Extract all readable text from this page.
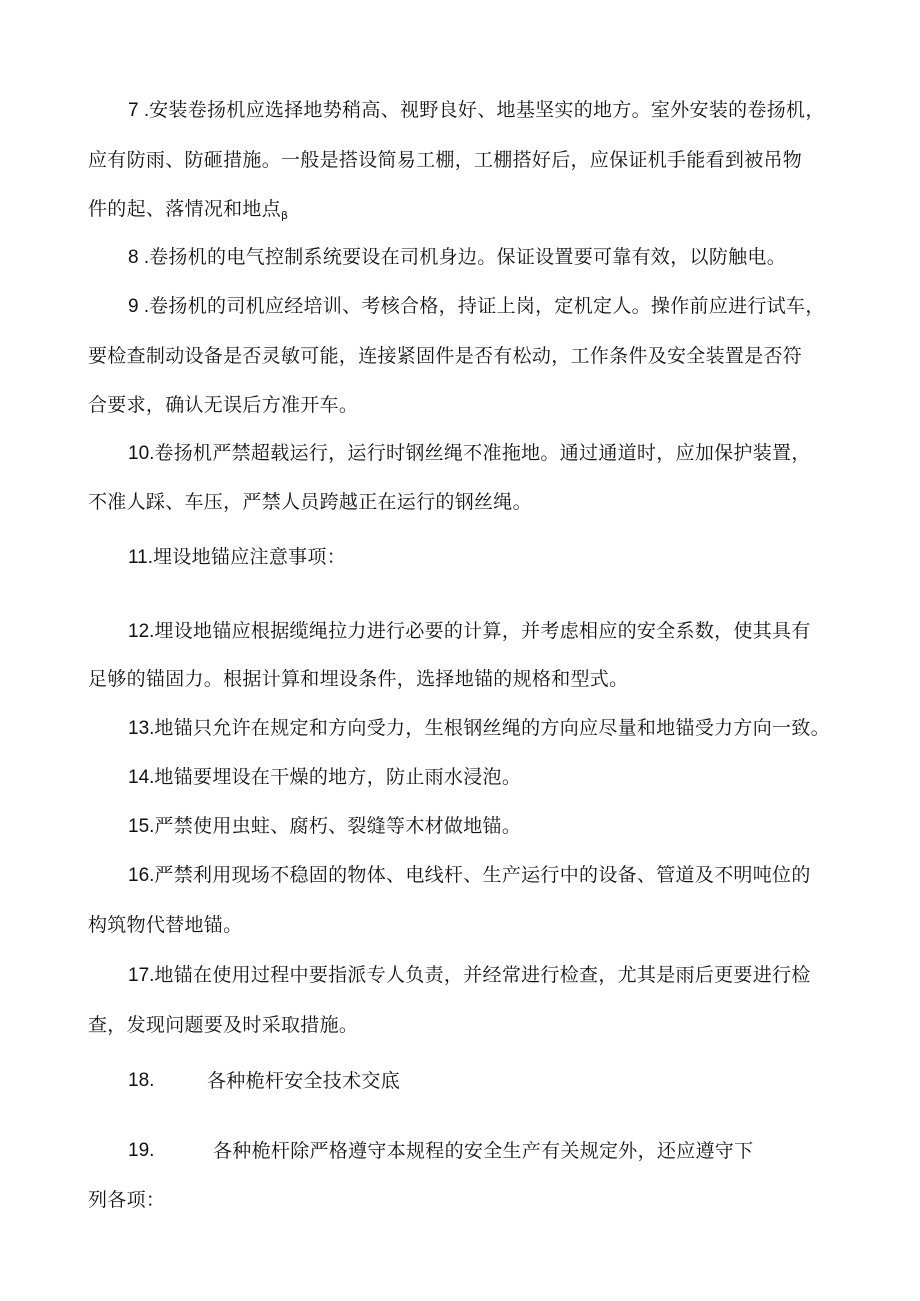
7 .安装卷扬机应选择地势稍高、视野良好、地基坚实的地方。室外安装的卷扬机，
应有防雨、防砸措施。一般是搭设简易工棚，工棚搭好后，应保证机手能看到被吊物
件的起、落情况和地点$_\beta$
8 .卷扬机的电气控制系统要设在司机身边。保证设置要可靠有效，以防触电。
9 .卷扬机的司机应经培训、考核合格，持证上岗，定机定人。操作前应进行试车，
要检查制动设备是否灵敏可能，连接紧固件是否有松动，工作条件及安全装置是否符
合要求，确认无误后方准开车。
10.卷扬机严禁超载运行，运行时钢丝绳不准拖地。通过通道时，应加保护装置，
不准人踩、车压，严禁人员跨越正在运行的钢丝绳。
11.埋设地锚应注意事项：
12.埋设地锚应根据缆绳拉力进行必要的计算，并考虑相应的安全系数，使其具有
足够的锚固力。根据计算和埋设条件，选择地锚的规格和型式。
13.地锚只允许在规定和方向受力，生根钢丝绳的方向应尽量和地锚受力方向一致。
14.地锚要埋设在干燥的地方，防止雨水浸泡。
15.严禁使用虫蛀、腐朽、裂缝等木材做地锚。
16.严禁利用现场不稳固的物体、电线杆、生产运行中的设备、管道及不明吨位的
构筑物代替地锚。
17.地锚在使用过程中要指派专人负责，并经常进行检查，尤其是雨后更要进行检
查，发现问题要及时采取措施。
18.	各种桅杆安全技术交底
19.	各种桅杆除严格遵守本规程的安全生产有关规定外，还应遵守下
列各项：
